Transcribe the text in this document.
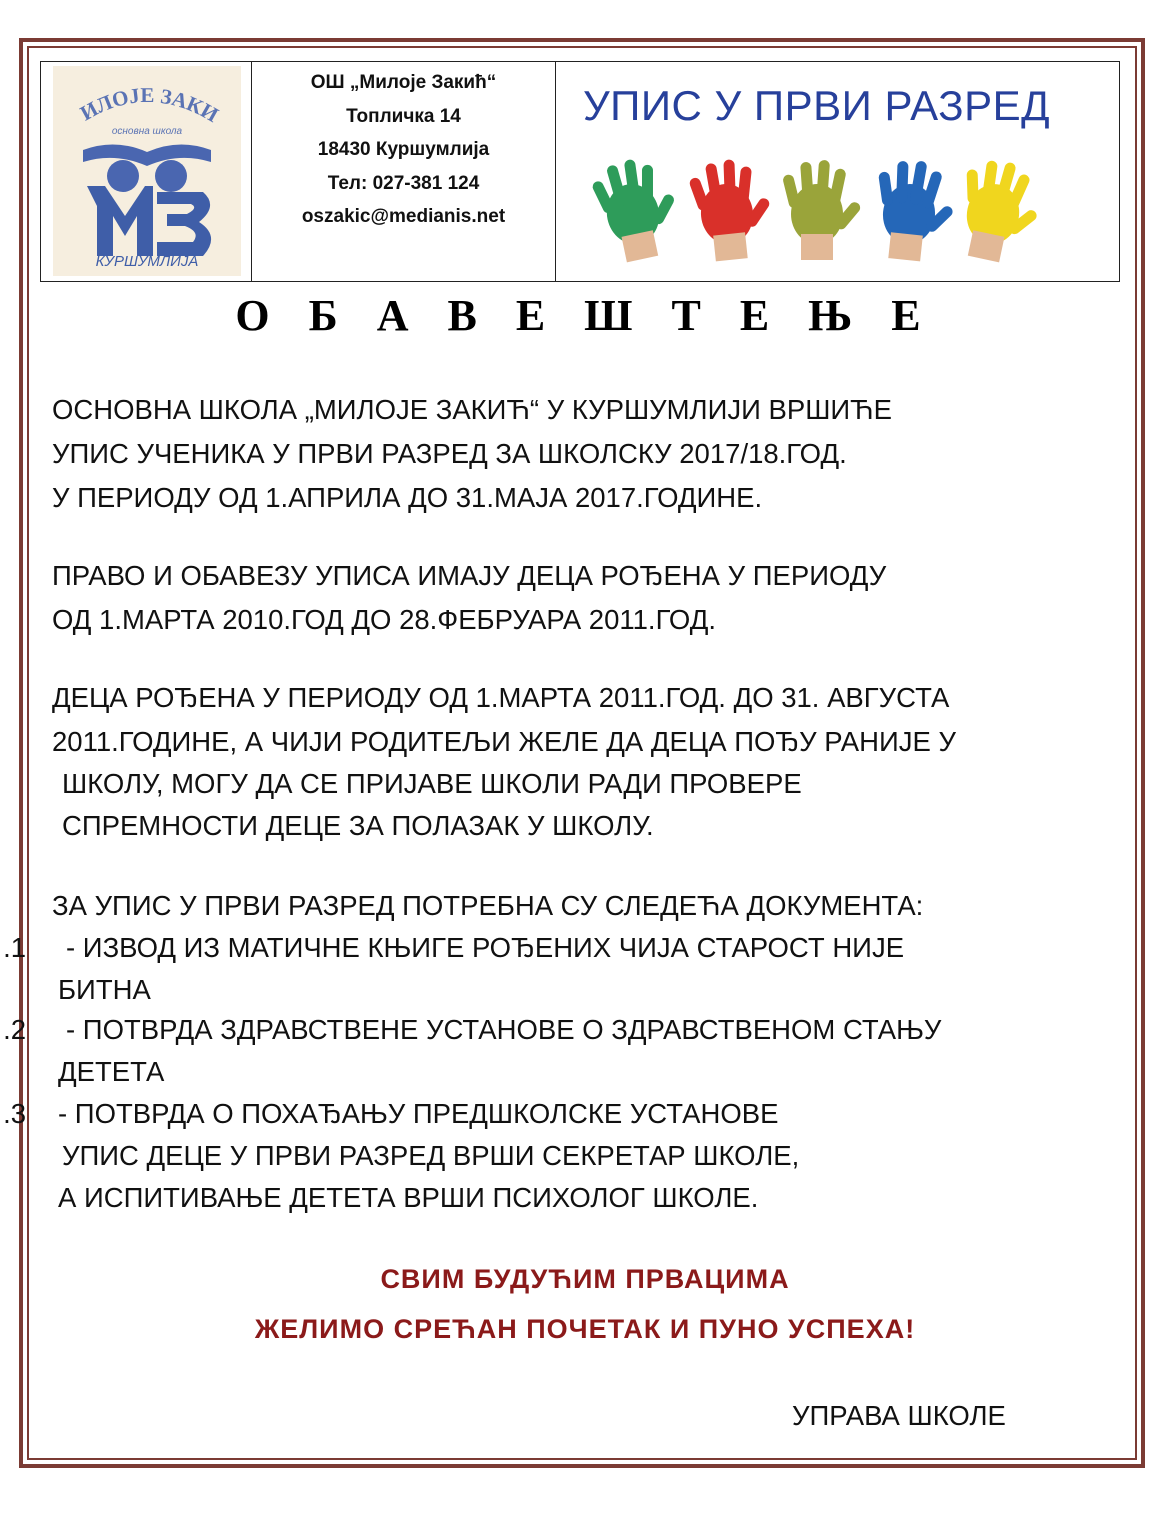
ИЛОЈЕ ЗАКИ
основна школа
КУРШУМЛИЈА
ОШ „Милоје Закић“
Топличка 14
18430 Куршумлија
Тел: 027-381 124
oszakic@medianis.net
УПИС У ПРВИ РАЗРЕД
О Б А В Е Ш Т Е Њ Е
ОСНОВНА ШКОЛА „МИЛОЈЕ ЗАКИЋ“ У КУРШУМЛИЈИ ВРШИЋЕ
УПИС УЧЕНИКА У ПРВИ РАЗРЕД ЗА ШКОЛСКУ 2017/18.ГОД.
У ПЕРИОДУ ОД 1.АПРИЛА ДО 31.МАЈА 2017.ГОДИНЕ.
ПРАВО И ОБАВЕЗУ УПИСА ИМАЈУ ДЕЦА РОЂЕНА У ПЕРИОДУ
ОД 1.МАРТА 2010.ГОД ДО 28.ФЕБРУАРА 2011.ГОД.
ДЕЦА РОЂЕНА У ПЕРИОДУ ОД 1.МАРТА 2011.ГОД. ДО 31. АВГУСТА
2011.ГОДИНЕ, А ЧИЈИ РОДИТЕЉИ ЖЕЛЕ ДА ДЕЦА ПОЂУ РАНИЈЕ У
ШКОЛУ, МОГУ ДА СЕ ПРИЈАВЕ ШКОЛИ РАДИ ПРОВЕРЕ
СПРЕМНОСТИ ДЕЦЕ ЗА ПОЛАЗАК У ШКОЛУ.
ЗА УПИС У ПРВИ РАЗРЕД ПОТРЕБНА СУ СЛЕДЕЋА ДОКУМЕНТА:
1. - ИЗВОД ИЗ МАТИЧНЕ КЊИГЕ РОЂЕНИХ ЧИЈА СТАРОСТ НИЈЕ
БИТНА
2. - ПОТВРДА ЗДРАВСТВЕНЕ УСТАНОВЕ О ЗДРАВСТВЕНОМ СТАЊУ
ДЕТЕТА
3. - ПОТВРДА О ПОХАЂАЊУ ПРЕДШКОЛСКЕ УСТАНОВЕ
УПИС ДЕЦЕ У ПРВИ РАЗРЕД ВРШИ СЕКРЕТАР ШКОЛЕ,
А ИСПИТИВАЊЕ ДЕТЕТА ВРШИ ПСИХОЛОГ ШКОЛЕ.
СВИМ БУДУЋИМ ПРВАЦИМА
ЖЕЛИМО СРЕЋАН ПОЧЕТАК И ПУНО УСПЕХА!
УПРАВА ШКОЛЕ
